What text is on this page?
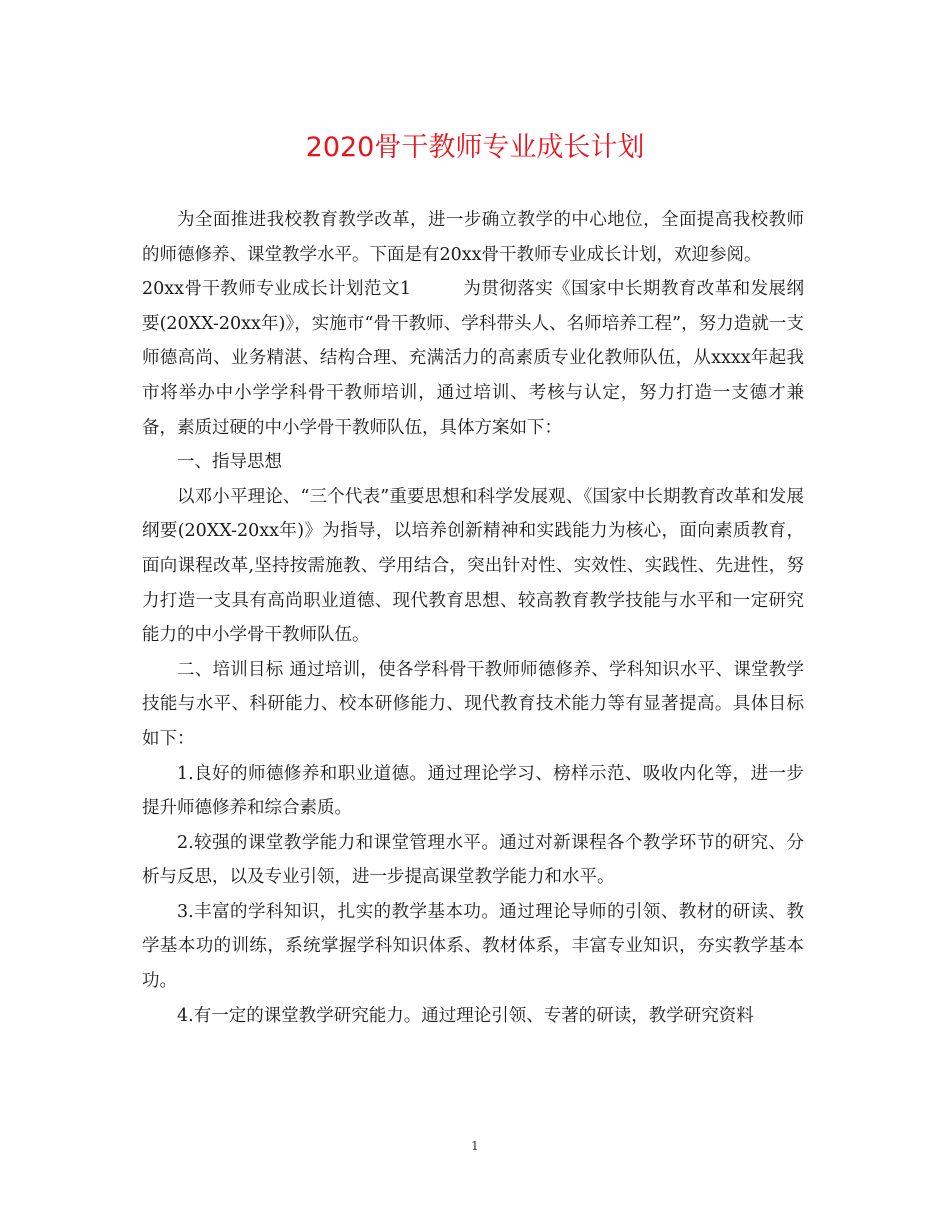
2020骨干教师专业成长计划

为全面推进我校教育教学改革，进一步确立教学的中心地位，全面提高我校教师的师德修养、课堂教学水平。下面是有20xx骨干教师专业成长计划，欢迎参阅。

20xx骨干教师专业成长计划范文1	为贯彻落实《国家中长期教育改革和发展纲要(20XX-20xx年)》，实施市“骨干教师、学科带头人、名师培养工程”，努力造就一支师德高尚、业务精湛、结构合理、充满活力的高素质专业化教师队伍，从xxxx年起我市将举办中小学学科骨干教师培训，通过培训、考核与认定，努力打造一支德才兼备，素质过硬的中小学骨干教师队伍，具体方案如下：

一、指导思想

以邓小平理论、“三个代表”重要思想和科学发展观、《国家中长期教育改革和发展纲要(20XX-20xx年)》为指导，以培养创新精神和实践能力为核心，面向素质教育，面向课程改革,坚持按需施教、学用结合，突出针对性、实效性、实践性、先进性，努力打造一支具有高尚职业道德、现代教育思想、较高教育教学技能与水平和一定研究能力的中小学骨干教师队伍。

二、培训目标 通过培训，使各学科骨干教师师德修养、学科知识水平、课堂教学技能与水平、科研能力、校本研修能力、现代教育技术能力等有显著提高。具体目标如下：

1.良好的师德修养和职业道德。通过理论学习、榜样示范、吸收内化等，进一步提升师德修养和综合素质。

2.较强的课堂教学能力和课堂管理水平。通过对新课程各个教学环节的研究、分析与反思，以及专业引领，进一步提高课堂教学能力和水平。

3.丰富的学科知识，扎实的教学基本功。通过理论导师的引领、教材的研读、教学基本功的训练，系统掌握学科知识体系、教材体系，丰富专业知识，夯实教学基本功。

4.有一定的课堂教学研究能力。通过理论引领、专著的研读，教学研究资料

1
